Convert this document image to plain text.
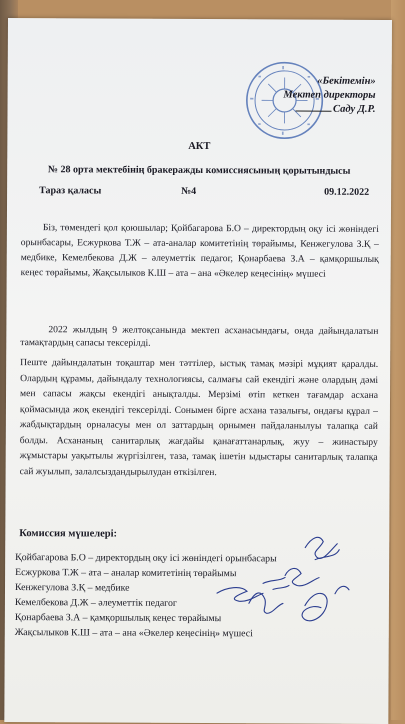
«Бекітемін»
Мектеп директоры
Саду Д.Р.
АКТ
№ 28 орта мектебінің бракеражды комиссиясының қорытындысы
Тараз қаласы	№4	09.12.2022
Біз, төмендегі қол қоюшылар; Қойбагарова Б.О – директордың оқу ісі жөніндегі орынбасары, Есжуркова Т.Ж – ата-аналар комитетінің төрайымы, Кенжегулова З.Қ – медбике, Кемелбекова Д.Ж – әлеуметтік педагог, Қонарбаева З.А – қамқоршылық кеңес төрайымы, Жақсылыков К.Ш – ата – ана «Әкелер кеңесінің» мүшесі
2022 жылдың 9 желтоқсанында мектеп асханасындағы, онда дайындалатын тамақтардың сапасы тексерілді.
Пеште дайындалатын тоқаштар мен тәттілер, ыстық тамақ мәзірі мұқият қаралды. Олардың құрамы, дайындалу технологиясы, салмағы сай екендігі және олардың дәмі мен сапасы жақсы екендігі анықталды. Мерзімі өтіп кеткен тағамдар асхана қоймасында жоқ екендігі тексерілді. Сонымен бірге асхана тазалығы, ондағы құрал – жабдықтардың орналасуы мен ол заттардың орнымен пайдаланылуы талапқа сай болды. Асхананың санитарлық жағдайы қанағаттанарлық, жуу – жинастыру жұмыстары уақытылы жүргізілген, таза, тамақ ішетін ыдыстары санитарлық талапқа сай жуылып, залалсыздандырылудан өткізілген.
Комиссия мүшелері:
Қойбагарова Б.О – директордың оқу ісі жөніндегі орынбасары
Есжуркова Т.Ж – ата – аналар комитетінің төрайымы
Кенжегулова З.Қ – медбике
Кемелбекова Д.Ж – әлеуметтік педагог
Қонарбаева З.А – қамқоршылық кеңес төрайымы
Жақсылыков К.Ш – ата – ана «Әкелер кеңесінің» мүшесі
